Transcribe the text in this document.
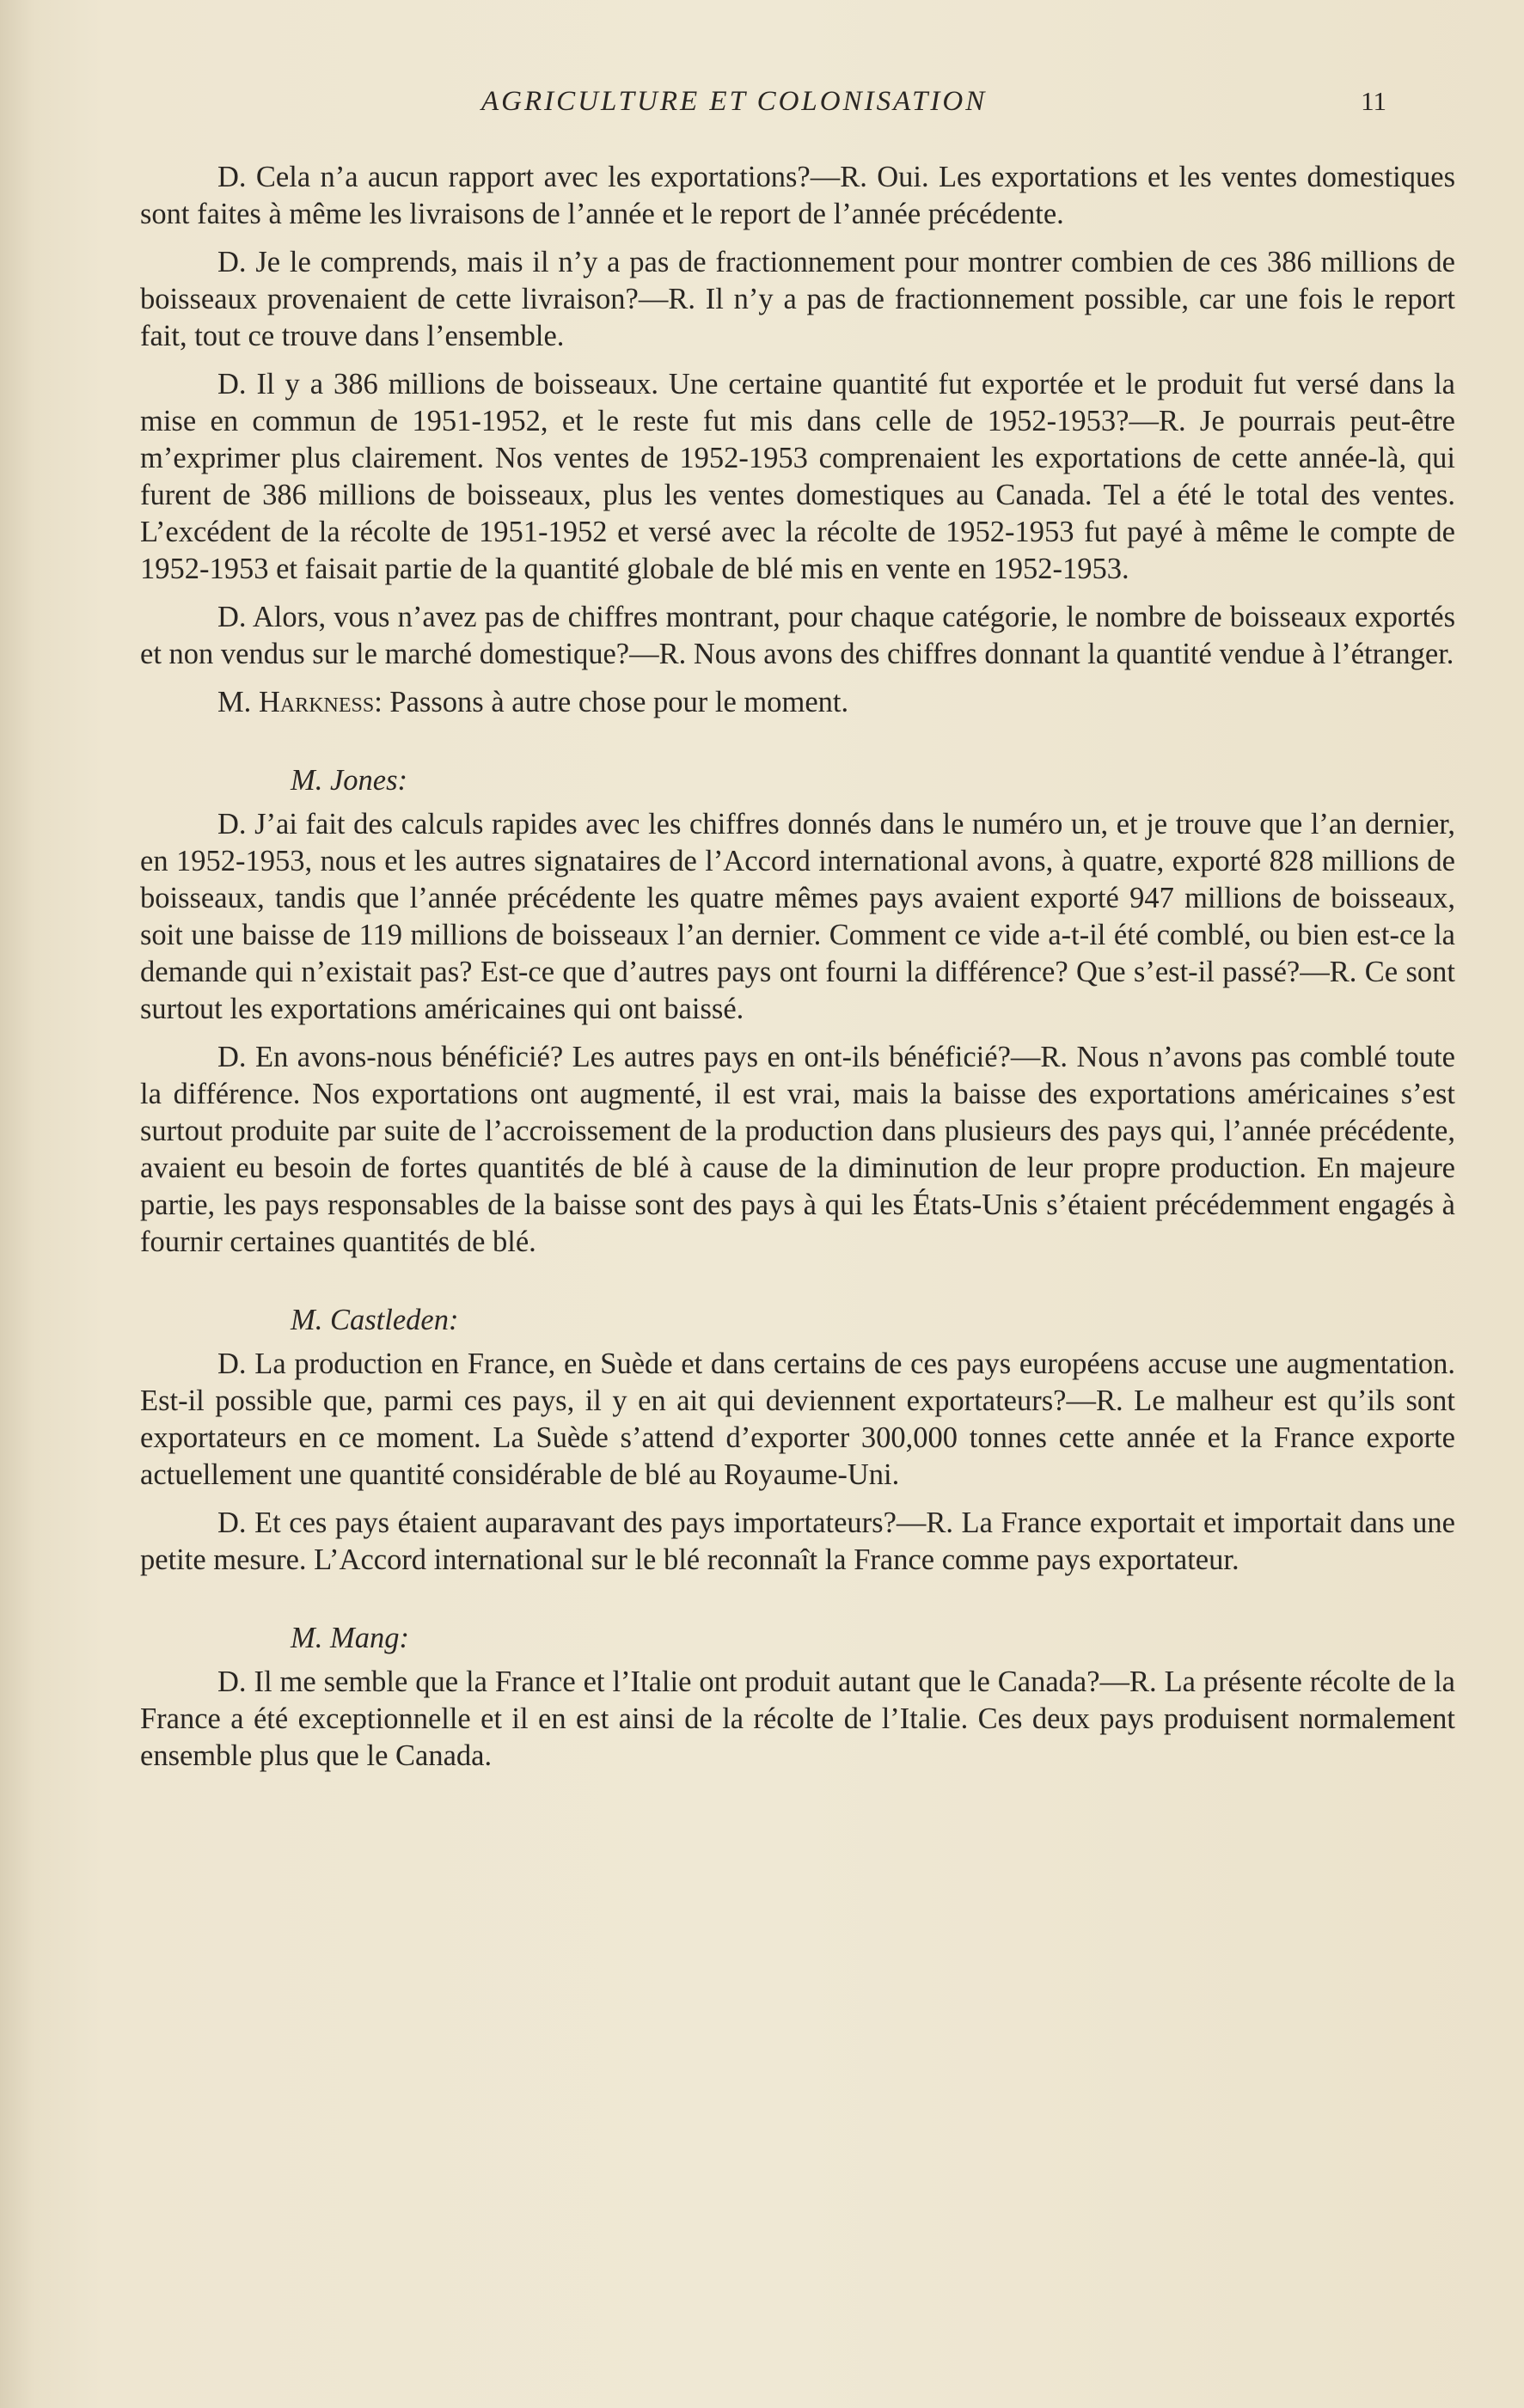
AGRICULTURE ET COLONISATION	11

D. Cela n’a aucun rapport avec les exportations?—R. Oui. Les exportations et les ventes domestiques sont faites à même les livraisons de l’année et le report de l’année précédente.

D. Je le comprends, mais il n’y a pas de fractionnement pour montrer combien de ces 386 millions de boisseaux provenaient de cette livraison?—R. Il n’y a pas de fractionnement possible, car une fois le report fait, tout ce trouve dans l’ensemble.

D. Il y a 386 millions de boisseaux. Une certaine quantité fut exportée et le produit fut versé dans la mise en commun de 1951-1952, et le reste fut mis dans celle de 1952-1953?—R. Je pourrais peut-être m’exprimer plus clairement. Nos ventes de 1952-1953 comprenaient les exportations de cette année-là, qui furent de 386 millions de boisseaux, plus les ventes domestiques au Canada. Tel a été le total des ventes. L’excédent de la récolte de 1951-1952 et versé avec la récolte de 1952-1953 fut payé à même le compte de 1952-1953 et faisait partie de la quantité globale de blé mis en vente en 1952-1953.

D. Alors, vous n’avez pas de chiffres montrant, pour chaque catégorie, le nombre de boisseaux exportés et non vendus sur le marché domestique?—R. Nous avons des chiffres donnant la quantité vendue à l’étranger.

M. Harkness: Passons à autre chose pour le moment.

M. Jones:

D. J’ai fait des calculs rapides avec les chiffres donnés dans le numéro un, et je trouve que l’an dernier, en 1952-1953, nous et les autres signataires de l’Accord international avons, à quatre, exporté 828 millions de boisseaux, tandis que l’année précédente les quatre mêmes pays avaient exporté 947 millions de boisseaux, soit une baisse de 119 millions de boisseaux l’an dernier. Comment ce vide a-t-il été comblé, ou bien est-ce la demande qui n’existait pas? Est-ce que d’autres pays ont fourni la différence? Que s’est-il passé?—R. Ce sont surtout les exportations américaines qui ont baissé.

D. En avons-nous bénéficié? Les autres pays en ont-ils bénéficié?—R. Nous n’avons pas comblé toute la différence. Nos exportations ont augmenté, il est vrai, mais la baisse des exportations américaines s’est surtout produite par suite de l’accroissement de la production dans plusieurs des pays qui, l’année précédente, avaient eu besoin de fortes quantités de blé à cause de la diminution de leur propre production. En majeure partie, les pays responsables de la baisse sont des pays à qui les États-Unis s’étaient précédemment engagés à fournir certaines quantités de blé.

M. Castleden:

D. La production en France, en Suède et dans certains de ces pays européens accuse une augmentation. Est-il possible que, parmi ces pays, il y en ait qui deviennent exportateurs?—R. Le malheur est qu’ils sont exportateurs en ce moment. La Suède s’attend d’exporter 300,000 tonnes cette année et la France exporte actuellement une quantité considérable de blé au Royaume-Uni.

D. Et ces pays étaient auparavant des pays importateurs?—R. La France exportait et importait dans une petite mesure. L’Accord international sur le blé reconnaît la France comme pays exportateur.

M. Mang:

D. Il me semble que la France et l’Italie ont produit autant que le Canada?—R. La présente récolte de la France a été exceptionnelle et il en est ainsi de la récolte de l’Italie. Ces deux pays produisent normalement ensemble plus que le Canada.
